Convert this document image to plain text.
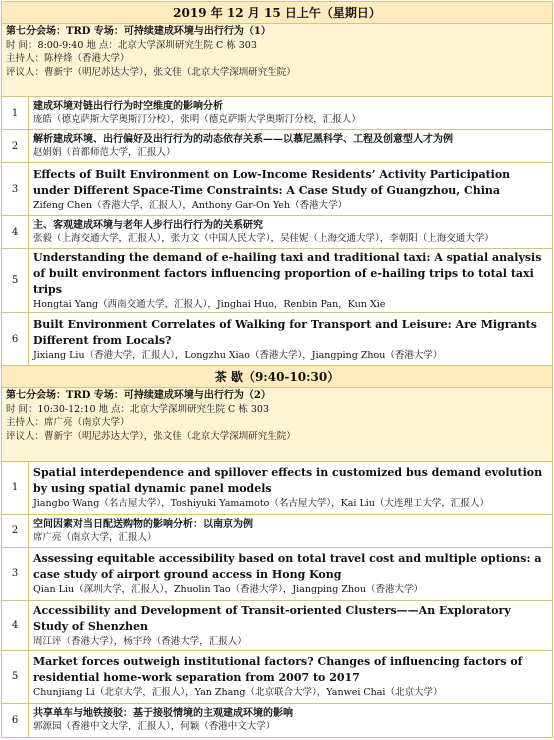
2019 年 12 月 15 日上午（星期日）	

第七分会场：TRD 专场：可持续建成环境与出行行为（1）
时 间：8:00-9:40 地 点：北京大学深圳研究生院 C 栋 303
主持人：陈梓烽（香港大学）
评议人：曹新宇（明尼苏达大学），张文佳（北京大学深圳研究生院）	

1	建成环境对链出行行为时空维度的影响分析
庞皓（德克萨斯大学奥斯汀分校），张明（德克萨斯大学奥斯汀分校，汇报人）

2	解析建成环境、出行偏好及出行行为的动态依存关系——以慕尼黑科学、工程及创意型人才为例
赵娟娟（首都师范大学，汇报人）

3	Effects of Built Environment on Low-Income Residents’ Activity Participation under Different Space-Time Constraints: A Case Study of Guangzhou, China
Zifeng Chen（香港大学，汇报人），Anthony Gar-On Yeh（香港大学）

4	主、客观建成环境与老年人步行出行行为的关系研究
张毅（上海交通大学，汇报人），张力文（中国人民大学），吴佳妮（上海交通大学），李朝阳（上海交通大学）

5	Understanding the demand of e-hailing taxi and traditional taxi: A spatial analysis of built environment factors influencing proportion of e-hailing trips to total taxi trips
Hongtai Yang（西南交通大学，汇报人），Jinghai Huo，Renbin Pan，Kun Xie

6	Built Environment Correlates of Walking for Transport and Leisure: Are Migrants Different from Locals?
Jixiang Liu（香港大学，汇报人），Longzhu Xiao（香港大学），Jiangping Zhou（香港大学）

茶 歇（9:40-10:30）	

第七分会场：TRD 专场：可持续建成环境与出行行为（2）
时 间：10:30-12:10 地 点：北京大学深圳研究生院 C 栋 303
主持人：席广亮（南京大学）
评议人：曹新宇（明尼苏达大学），张文佳（北京大学深圳研究生院）	

1	Spatial interdependence and spillover effects in customized bus demand evolution by using spatial dynamic panel models
Jiangbo Wang（名古屋大学），Toshiyuki Yamamoto（名古屋大学），Kai Liu（大连理工大学，汇报人）

2	空间因素对当日配送购物的影响分析：以南京为例
席广亮（南京大学，汇报人）

3	Assessing equitable accessibility based on total travel cost and multiple options: a case study of airport ground access in Hong Kong
Qian Liu（深圳大学，汇报人），Zhuolin Tao（香港大学），Jiangping Zhou（香港大学）

4	Accessibility and Development of Transit-oriented Clusters——An Exploratory Study of Shenzhen
周江评（香港大学），杨宇玲（香港大学，汇报人）

5	Market forces outweigh institutional factors? Changes of influencing factors of residential home-work separation from 2007 to 2017
Chunjiang Li（北京大学，汇报人），Yan Zhang（北京联合大学），Yanwei Chai（北京大学）

6	共享单车与地铁接驳：基于接驳情境的主观建成环境的影响
郭源园（香港中文大学，汇报人），何颖（香港中文大学）
